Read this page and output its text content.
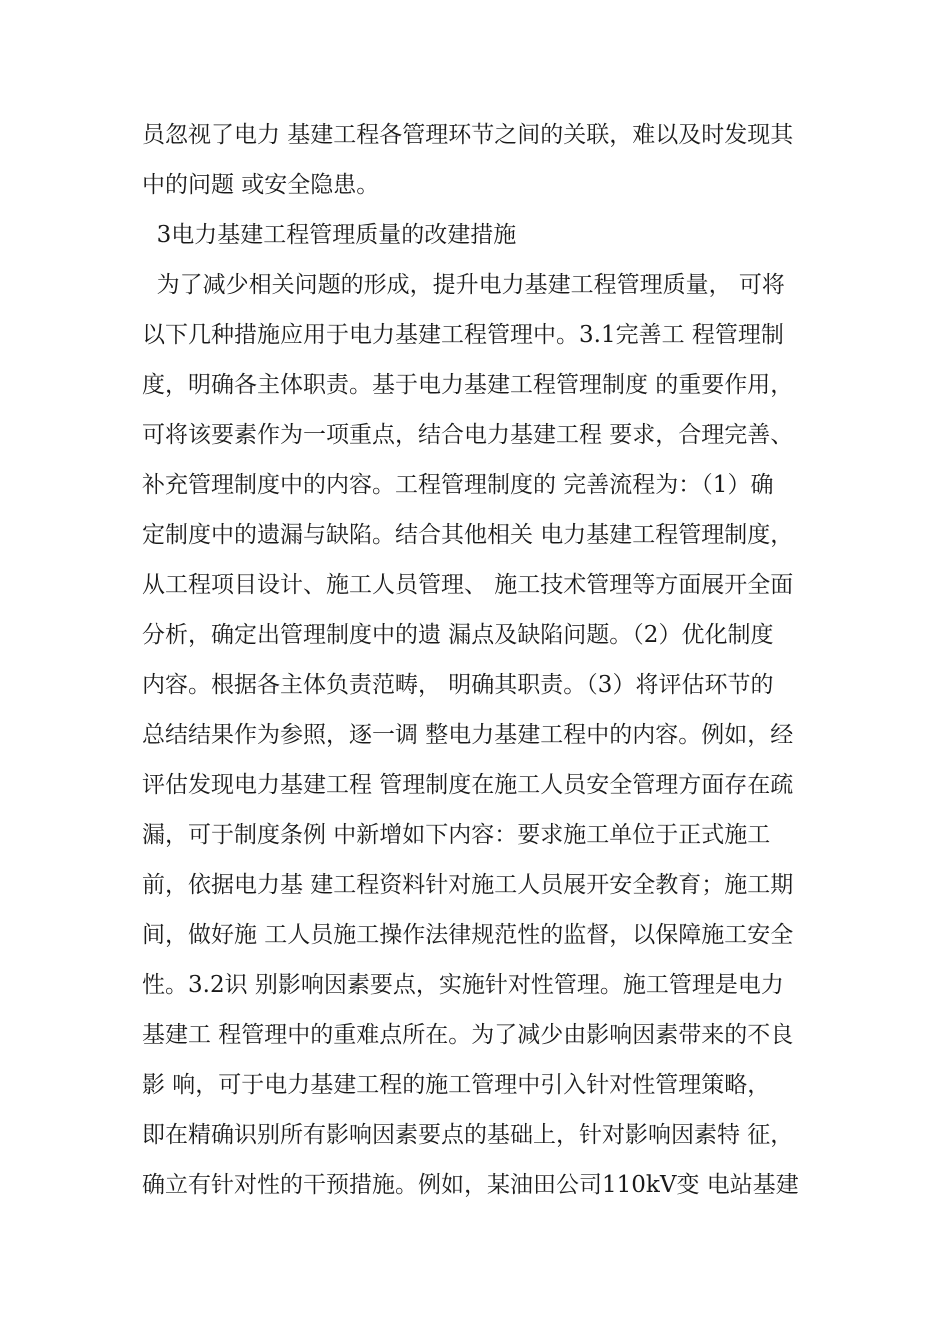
员忽视了电力 基建工程各管理环节之间的关联，难以及时发现其
中的问题 或安全隐患。
3电力基建工程管理质量的改建措施
为了减少相关问题的形成，提升电力基建工程管理质量， 可将
以下几种措施应用于电力基建工程管理中。3.1完善工 程管理制
度，明确各主体职责。基于电力基建工程管理制度 的重要作用，
可将该要素作为一项重点，结合电力基建工程 要求，合理完善、
补充管理制度中的内容。工程管理制度的 完善流程为：（1）确
定制度中的遗漏与缺陷。结合其他相关 电力基建工程管理制度，
从工程项目设计、施工人员管理、 施工技术管理等方面展开全面
分析，确定出管理制度中的遗 漏点及缺陷问题。（2）优化制度
内容。根据各主体负责范畴， 明确其职责。（3）将评估环节的
总结结果作为参照，逐一调 整电力基建工程中的内容。例如，经
评估发现电力基建工程 管理制度在施工人员安全管理方面存在疏
漏，可于制度条例 中新增如下内容：要求施工单位于正式施工
前，依据电力基 建工程资料针对施工人员展开安全教育；施工期
间，做好施 工人员施工操作法律规范性的监督，以保障施工安全
性。3.2识 别影响因素要点，实施针对性管理。施工管理是电力
基建工 程管理中的重难点所在。为了减少由影响因素带来的不良
影 响，可于电力基建工程的施工管理中引入针对性管理策略，
即在精确识别所有影响因素要点的基础上，针对影响因素特 征，
确立有针对性的干预措施。例如，某油田公司110kV变 电站基建
